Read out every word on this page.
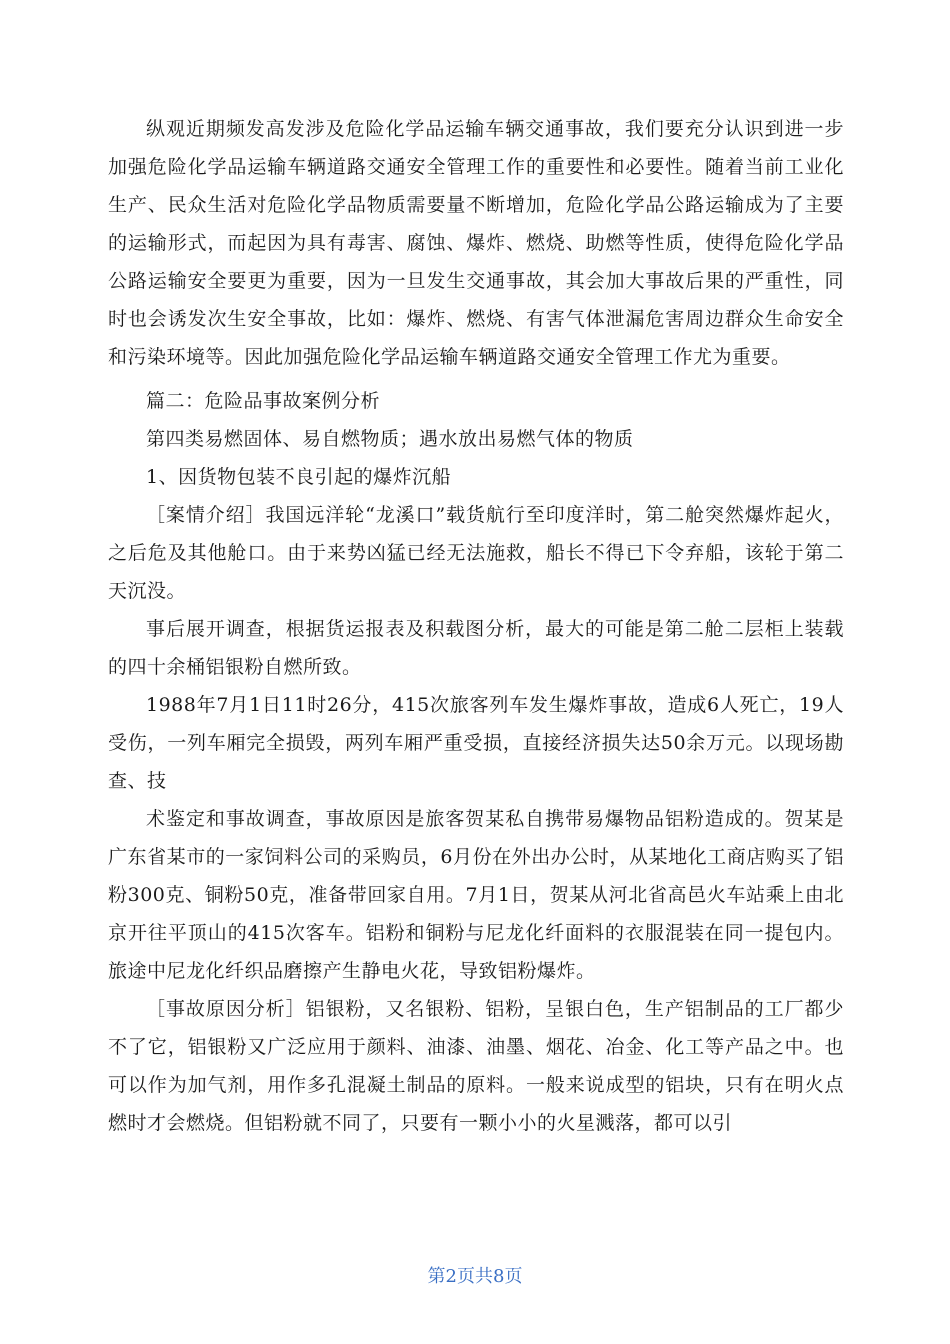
纵观近期频发高发涉及危险化学品运输车辆交通事故，我们要充分认识到进一步加强危险化学品运输车辆道路交通安全管理工作的重要性和必要性。随着当前工业化生产、民众生活对危险化学品物质需要量不断增加，危险化学品公路运输成为了主要的运输形式，而起因为具有毒害、腐蚀、爆炸、燃烧、助燃等性质，使得危险化学品公路运输安全要更为重要，因为一旦发生交通事故，其会加大事故后果的严重性，同时也会诱发次生安全事故，比如：爆炸、燃烧、有害气体泄漏危害周边群众生命安全和污染环境等。因此加强危险化学品运输车辆道路交通安全管理工作尤为重要。

篇二：危险品事故案例分析

第四类易燃固体、易自燃物质；遇水放出易燃气体的物质

1、因货物包装不良引起的爆炸沉船

［案情介绍］我国远洋轮“龙溪口”载货航行至印度洋时，第二舱突然爆炸起火，之后危及其他舱口。由于来势凶猛已经无法施救，船长不得已下令弃船，该轮于第二天沉没。

事后展开调查，根据货运报表及积载图分析，最大的可能是第二舱二层柜上装载的四十余桶铝银粉自燃所致。

1988年7月1日11时26分，415次旅客列车发生爆炸事故，造成6人死亡，19人受伤，一列车厢完全损毁，两列车厢严重受损，直接经济损失达50余万元。以现场勘查、技

术鉴定和事故调查，事故原因是旅客贺某私自携带易爆物品铝粉造成的。贺某是广东省某市的一家饲料公司的采购员，6月份在外出办公时，从某地化工商店购买了铝粉300克、铜粉50克，准备带回家自用。7月1日，贺某从河北省高邑火车站乘上由北京开往平顶山的415次客车。铝粉和铜粉与尼龙化纤面料的衣服混装在同一提包内。旅途中尼龙化纤织品磨擦产生静电火花，导致铝粉爆炸。

［事故原因分析］铝银粉，又名银粉、铝粉，呈银白色，生产铝制品的工厂都少不了它，铝银粉又广泛应用于颜料、油漆、油墨、烟花、冶金、化工等产品之中。也可以作为加气剂，用作多孔混凝土制品的原料。一般来说成型的铝块，只有在明火点燃时才会燃烧。但铝粉就不同了，只要有一颗小小的火星溅落，都可以引

第2页共8页
